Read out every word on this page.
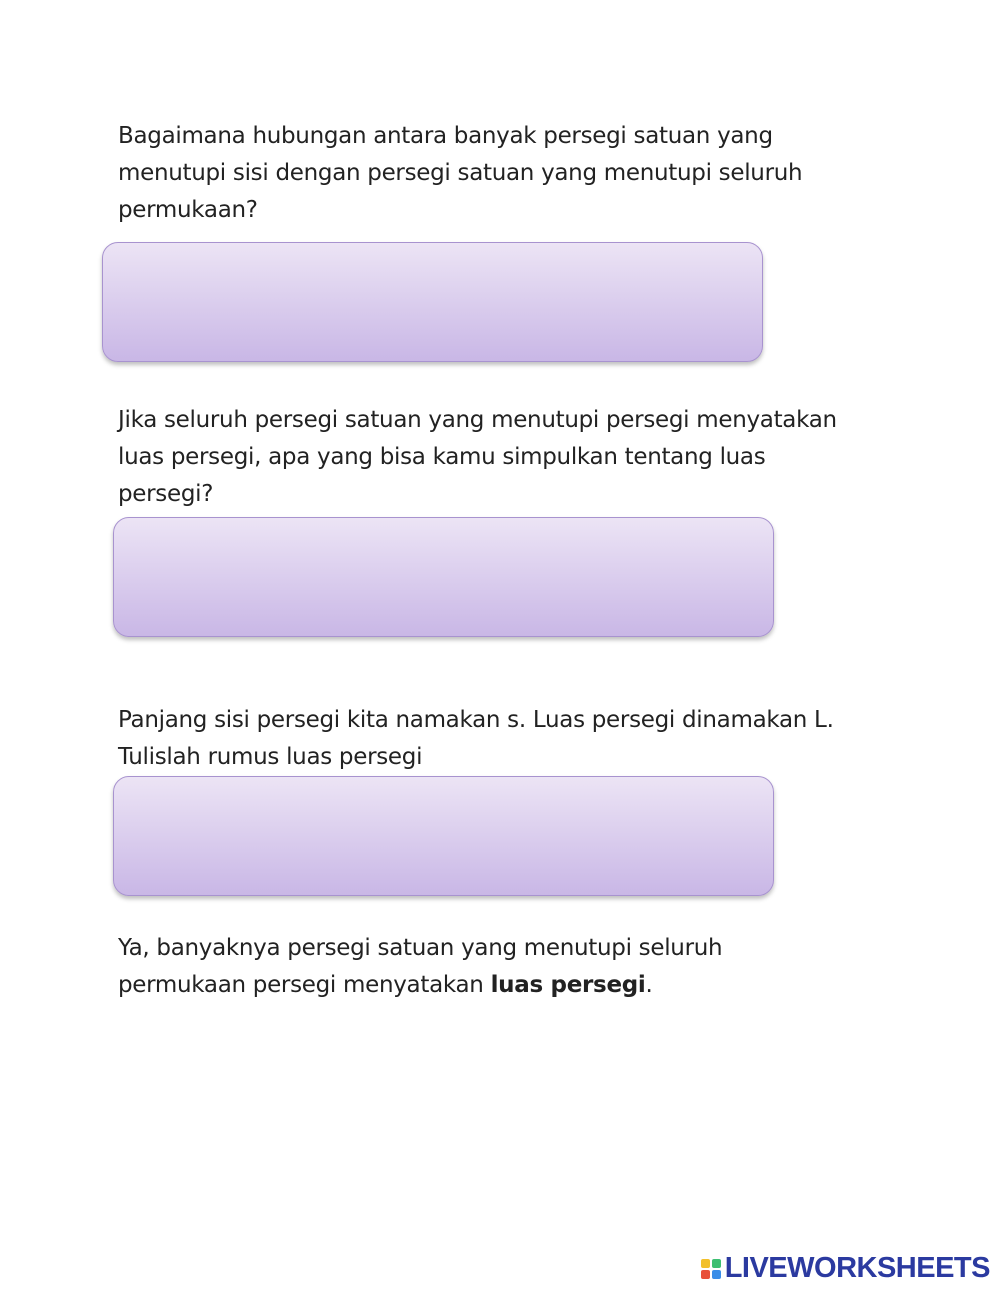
Bagaimana hubungan antara banyak persegi satuan yang
menutupi sisi dengan persegi satuan yang menutupi seluruh
permukaan?
Jika seluruh persegi satuan yang menutupi persegi menyatakan
luas persegi, apa yang bisa kamu simpulkan tentang luas
persegi?
Panjang sisi persegi kita namakan s. Luas persegi dinamakan L.
Tulislah rumus luas persegi
Ya, banyaknya persegi satuan yang menutupi seluruh
permukaan persegi menyatakan luas persegi.
LIVEWORKSHEETS
